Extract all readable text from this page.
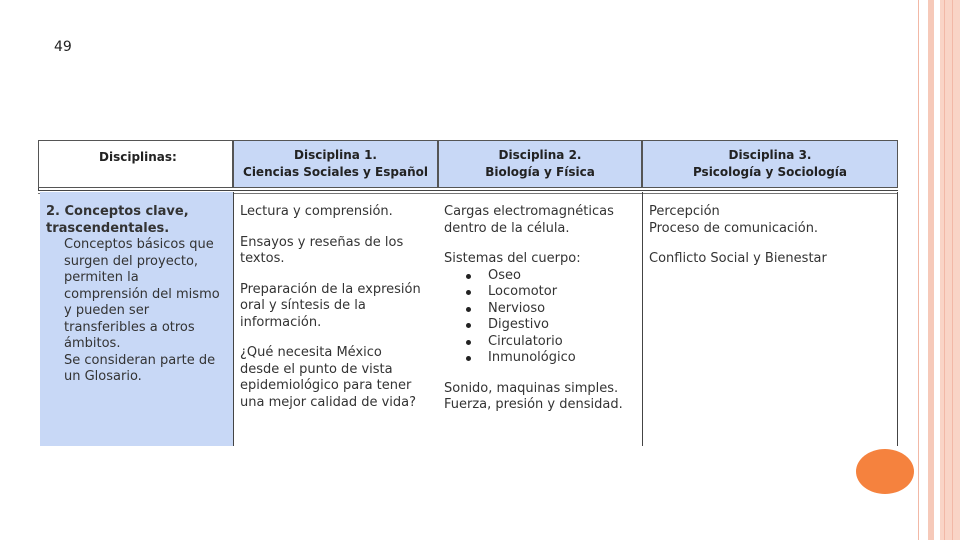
49
Disciplinas:	Disciplina 1.
Ciencias Sociales y Español
Disciplina 2.
Biología y Física
Disciplina 3.
Psicología y Sociología

2. Conceptos clave,

trascendentales.

Conceptos básicos que

surgen del proyecto,

permiten la

comprensión del mismo

y pueden ser

transferibles a otros

ámbitos.

Se consideran parte de

un Glosario.

Lectura y comprensión.

Ensayos y reseñas de los

textos.

Preparación de la expresión

oral y síntesis de la

información.

¿Qué necesita México

desde el punto de vista

epidemiológico para tener

una mejor calidad de vida?

Cargas electromagnéticas

dentro de la célula.

Sistemas del cuerpo:

Oseo
Locomotor
Nervioso
Digestivo
Circulatorio
Inmunológico

Sonido, maquinas simples.

Fuerza, presión y densidad.

Percepción

Proceso de comunicación.

Conflicto Social y Bienestar
